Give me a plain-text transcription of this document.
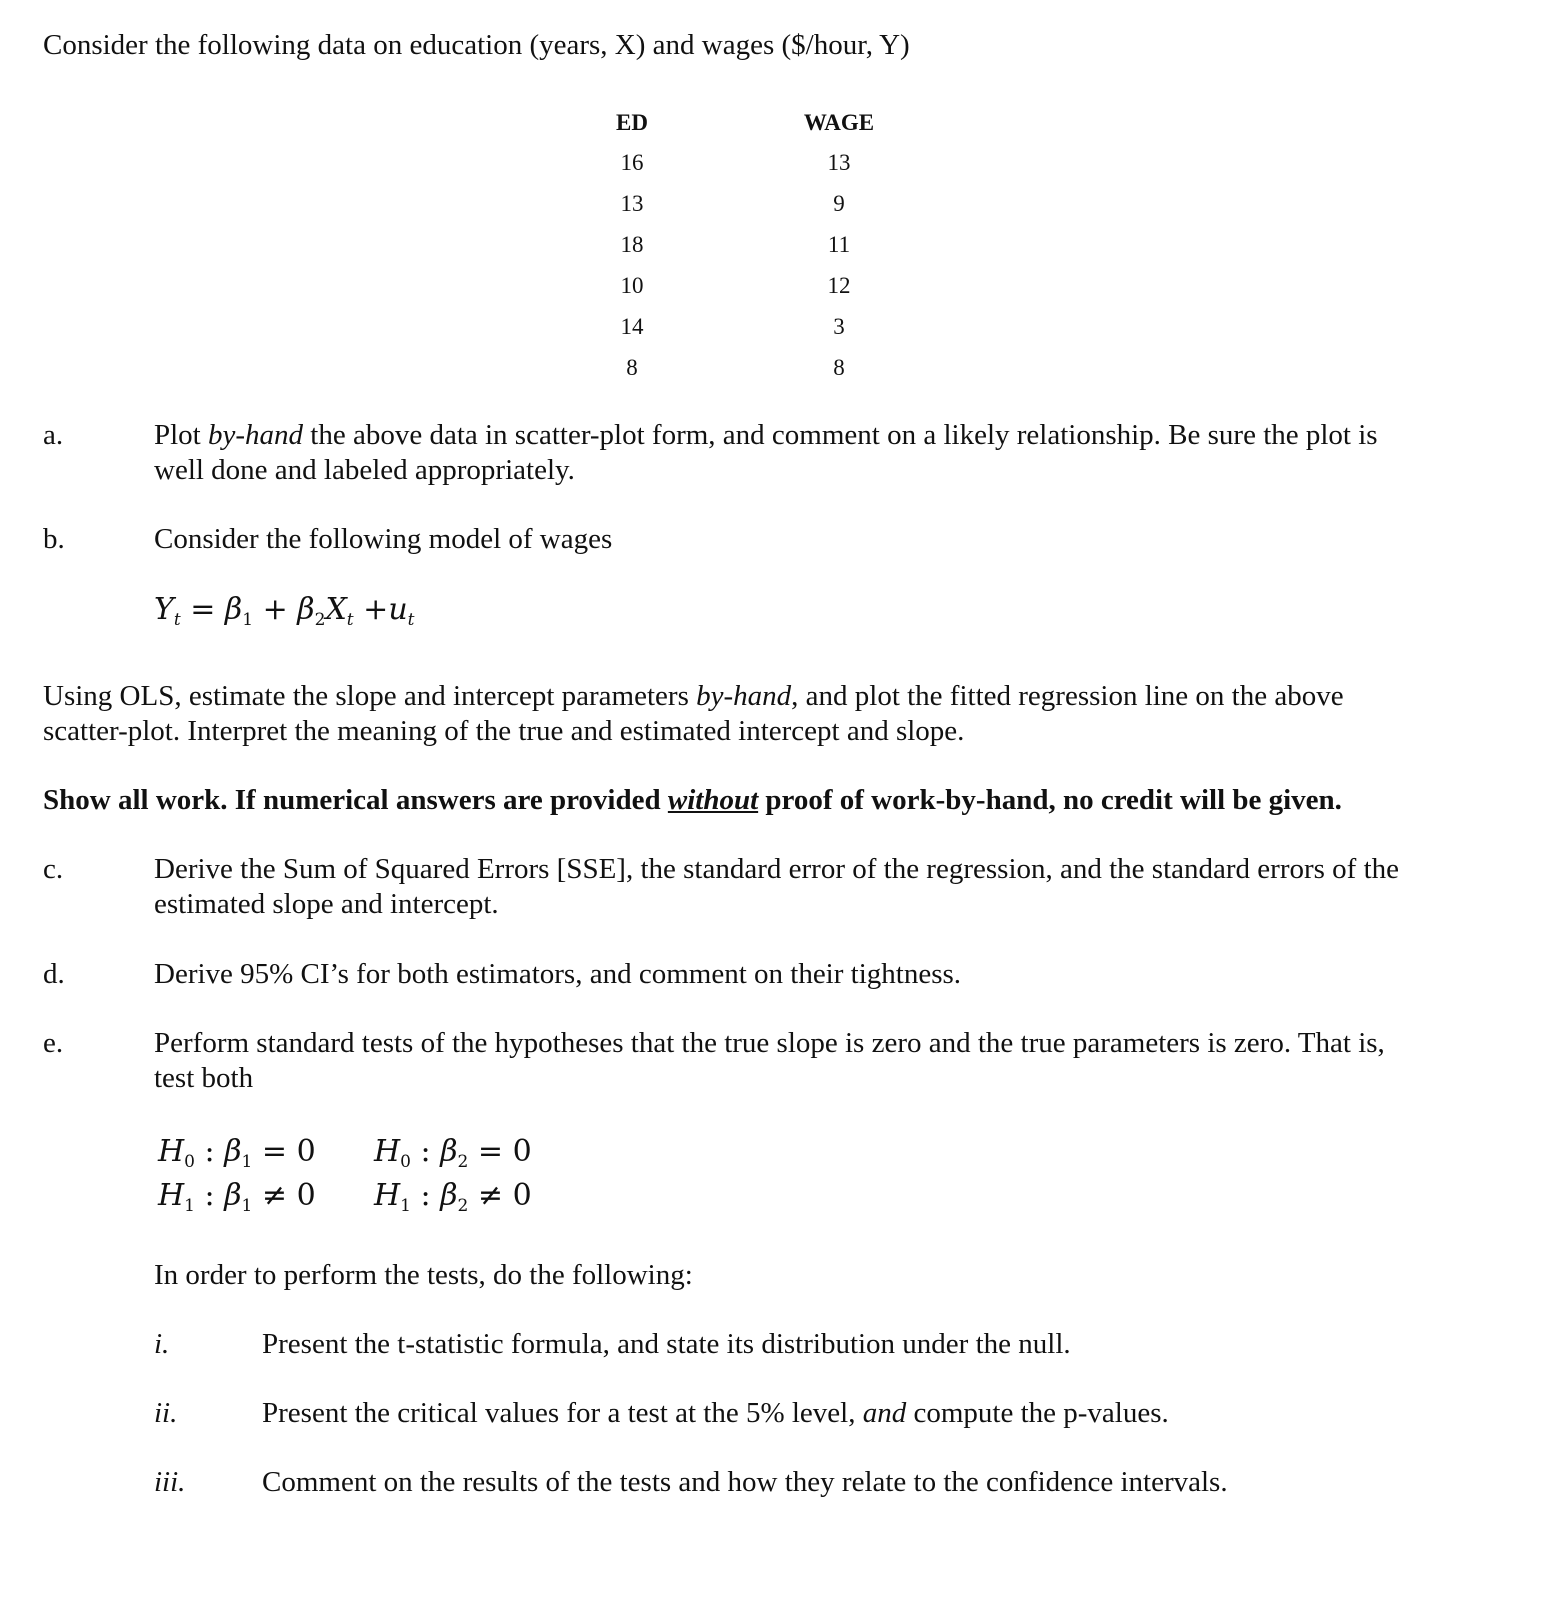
Consider the following data on education (years, X) and wages ($/hour, Y)
ED	WAGE
16	13
13	9
18	11
10	12
14	3
8	8
a.	Plot by-hand the above data in scatter-plot form, and comment on a likely relationship. Be sure the plot is
well done and labeled appropriately.
b.	Consider the following model of wages
$Y_t = \beta_1 + \beta_2X_t +u_t$
Using OLS, estimate the slope and intercept parameters by-hand, and plot the fitted regression line on the above
scatter-plot. Interpret the meaning of the true and estimated intercept and slope.
Show all work. If numerical answers are provided without proof of work-by-hand, no credit will be given.
c.	Derive the Sum of Squared Errors [SSE], the standard error of the regression, and the standard errors of the
estimated slope and intercept.
d.	Derive 95% CI’s for both estimators, and comment on their tightness.
e.	Perform standard tests of the hypotheses that the true slope is zero and the true parameters is zero. That is,
test both
$H_0$ : $\beta_1 = 0$
$H_1$ : $\beta_1 \ne 0$
$H_0$ : $\beta_2 = 0$
$H_1$ : $\beta_2 \ne 0$
In order to perform the tests, do the following:
i.	Present the t-statistic formula, and state its distribution under the null.
ii.	Present the critical values for a test at the 5% level, and compute the p-values.
iii.	Comment on the results of the tests and how they relate to the confidence intervals.
